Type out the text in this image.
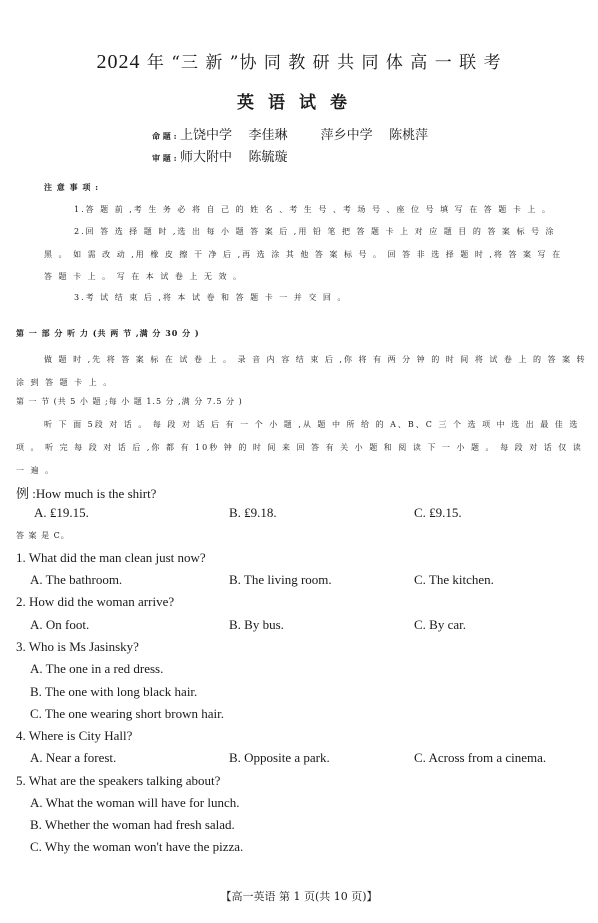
2024 年 “三 新 ”协 同 教 研 共 同 体 高 一 联 考
英语试卷
命 题 : 上饶中学    李佳琳        萍乡中学    陈桃萍
审 题 : 师大附中    陈毓璇
注 意 事 项 :
1.答 题 前 ,考 生 务 必 将 自 己 的 姓 名 、考 生 号 、考 场 号 、座 位 号 填 写 在 答 题 卡 上 。
2.回 答 选 择 题 时 ,选 出 每 小 题 答 案 后 ,用 铅 笔 把 答 题 卡 上 对 应 题 目 的 答 案 标 号 涂
黑 。 如 需 改 动 ,用 橡 皮 擦 干 净 后 ,再 选 涂 其 他 答 案 标 号 。 回 答 非 选 择 题 时 ,将 答 案 写 在
答 题 卡 上 。 写 在 本 试 卷 上 无 效 。
3.考 试 结 束 后 ,将 本 试 卷 和 答 题 卡 一 并 交 回 。
第 一 部 分 听 力 (共 两 节 ,满 分 30 分 )
做 题 时 ,先 将 答 案 标 在 试 卷 上 。 录 音 内 容 结 束 后 ,你 将 有 两 分 钟 的 时 间 将 试 卷 上 的 答 案 转
涂 到 答 题 卡 上 。
第 一 节 (共 5 小 题 ;每 小 题 1.5 分 ,满 分 7.5 分 )
听 下 面 5段 对 话 。 每 段 对 话 后 有 一 个 小 题 ,从 题 中 所 给 的 A、B、C 三 个 选 项 中 选 出 最 佳 选
项 。 听 完 每 段 对 话 后 ,你 都 有 10秒 钟 的 时 间 来 回 答 有 关 小 题 和 阅 读 下 一 小 题 。 每 段 对 话 仅 读
一 遍 。
例 :How much is the shirt?
A. ₤19.15.	B. ₤9.18.	C. ₤9.15.
答 案 是 C。
1. What did the man clean just now?
A. The bathroom.	B. The living room.	C. The kitchen.
2. How did the woman arrive?
A. On foot.	B. By bus.	C. By car.
3. Who is Ms Jasinsky?
A. The one in a red dress.
B. The one with long black hair.
C. The one wearing short brown hair.
4. Where is City Hall?
A. Near a forest.	B. Opposite a park.	C. Across from a cinema.
5. What are the speakers talking about?
A. What the woman will have for lunch.
B. Whether the woman had fresh salad.
C. Why the woman won't have the pizza.
【高一英语 第 1 页(共 10 页)】
